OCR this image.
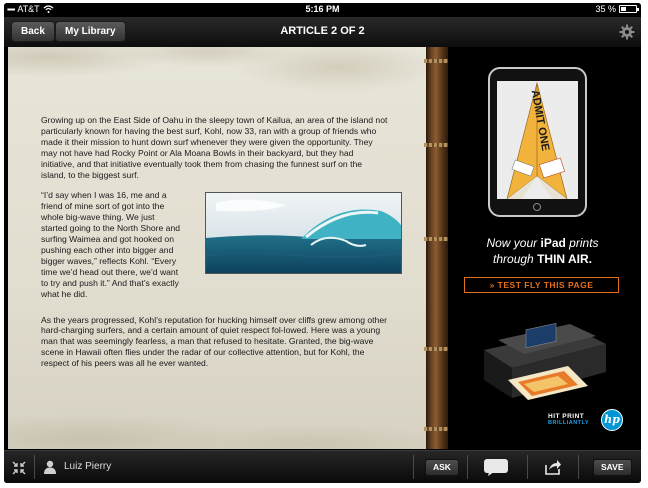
▪▪▪▪ AT&T	5:16 PM	35 %
Back	My Library	ARTICLE 2 OF 2

Growing up on the East Side of Oahu in the sleepy town of Kailua, an area of the island not particularly known for having the best surf, Kohl, now 33, ran with a group of friends who made it their mission to hunt down surf whenever they were given the opportunity. They may not have had Rocky Point or Ala Moana Bowls in their backyard, but they had initiative, and that initiative eventually took them from chasing the funnest surf on the island, to the biggest surf.

“I’d say when I was 16, me and a friend of mine sort of got into the whole big-wave thing. We just started going to the North Shore and surfing Waimea and got hooked on pushing each other into bigger and bigger waves,” reflects Kohl. “Every time we’d head out there, we’d want to try and push it.” And that’s exactly what he did.

As the years progressed, Kohl’s reputation for hucking himself over cliffs grew among other hard-charging surfers, and a certain amount of quiet respect fol-lowed. Here was a young man that was seemingly fearless, a man that refused to hesitate. Granted, the big-wave scene in Hawaii often flies under the radar of our collective attention, but for Kohl, the respect of his peers was all he ever wanted.

ADMIT ONE
Now your iPad prints
through THIN AIR.
» TEST FLY THIS PAGE
HIT PRINT
BRILLIANTLY hp
Luiz Pierry	ASK	SAVE
